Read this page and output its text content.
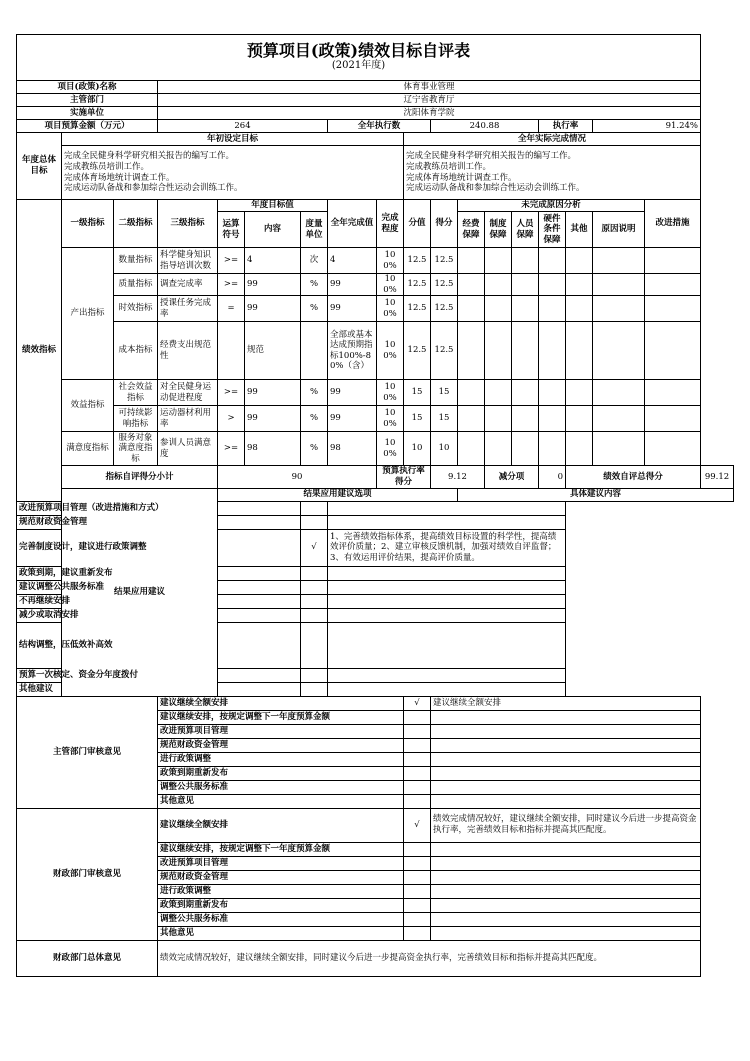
预算项目(政策)绩效目标自评表
(2021年度)																		

项目(政策)名称			体育事业管理															
主管部门			辽宁省教育厅															
实施单位			沈阳体育学院															
项目预算金额（万元）			264				全年执行数			240.88				执行率		91.24%		
年度总体目标	年初设定目标								全年实际完成情况									
	完成全民健身科学研究相关报告的编写工作。
完成教练员培训工作。
完成体育场地统计调查工作。
完成运动队备战和参加综合性运动会训练工作。								完成全民健身科学研究相关报告的编写工作。
完成教练员培训工作。
完成体育场地统计调查工作。
完成运动队备战和参加综合性运动会训练工作。									
绩效指标	一级指标	二级指标	三级指标	年度目标值			全年完成值	完成程度	分值	得分	未完成原因分析						改进措施	
				运算符号	内容	度量单位					经费保障	制度保障	人员保障	硬件条件保障	其他	原因说明		
	产出指标	数量指标	科学健身知识指导培训次数	>=	4	次	4	100%	12.5	12.5								
		质量指标	调查完成率	>=	99	%	99	100%	12.5	12.5								
		时效指标	授课任务完成率	=	99	%	99	100%	12.5	12.5								
		成本指标	经费支出规范性		规范		全部或基本达成预期指标100%-80%（含）	100%	12.5	12.5								
	效益指标	社会效益指标	对全民健身运动促进程度	>=	99	%	99	100%	15	15								
		可持续影响指标	运动器材利用率	>	99	%	99	100%	15	15								
	满意度指标	服务对象满意度指标	参训人员满意度	>=	98	%	98	100%	10	10								
	指标自评得分小计			90				预算执行率得分		9.12		减分项		0	绩效自评总得分			99.12
	结果应用建议			结果应用建议选项							具体建议内容							
改进预算项目管理（改进措施和方式）																		
规范财政资金管理																		
完善制度设计，建议进行政策调整						√	1、完善绩效指标体系，提高绩效目标设置的科学性，提高绩效评价质量；2、建立审核反馈机制，加强对绩效自评监督；3、有效运用评价结果，提高评价质量。											
政策到期，建议重新发布																		
建议调整公共服务标准																		
不再继续安排																		
减少或取消安排																		
结构调整，压低效补高效																		
预算一次核定、资金分年度拨付																		
其他建议																		
主管部门审核意见			建议继续全额安排						√	建议继续全额安排								
			建议继续安排，按规定调整下一年度预算金额															
			改进预算项目管理															
			规范财政资金管理															
			进行政策调整															
			政策到期重新发布															
			调整公共服务标准															
			其他意见															
财政部门审核意见			建议继续全额安排						√	绩效完成情况较好，建议继续全额安排，同时建议今后进一步提高资金执行率，完善绩效目标和指标并提高其匹配度。								
			建议继续安排，按规定调整下一年度预算金额															
			改进预算项目管理															
			规范财政资金管理															
			进行政策调整															
			政策到期重新发布															
			调整公共服务标准															
			其他意见															
财政部门总体意见			绩效完成情况较好，建议继续全额安排，同时建议今后进一步提高资金执行率，完善绩效目标和指标并提高其匹配度。															
